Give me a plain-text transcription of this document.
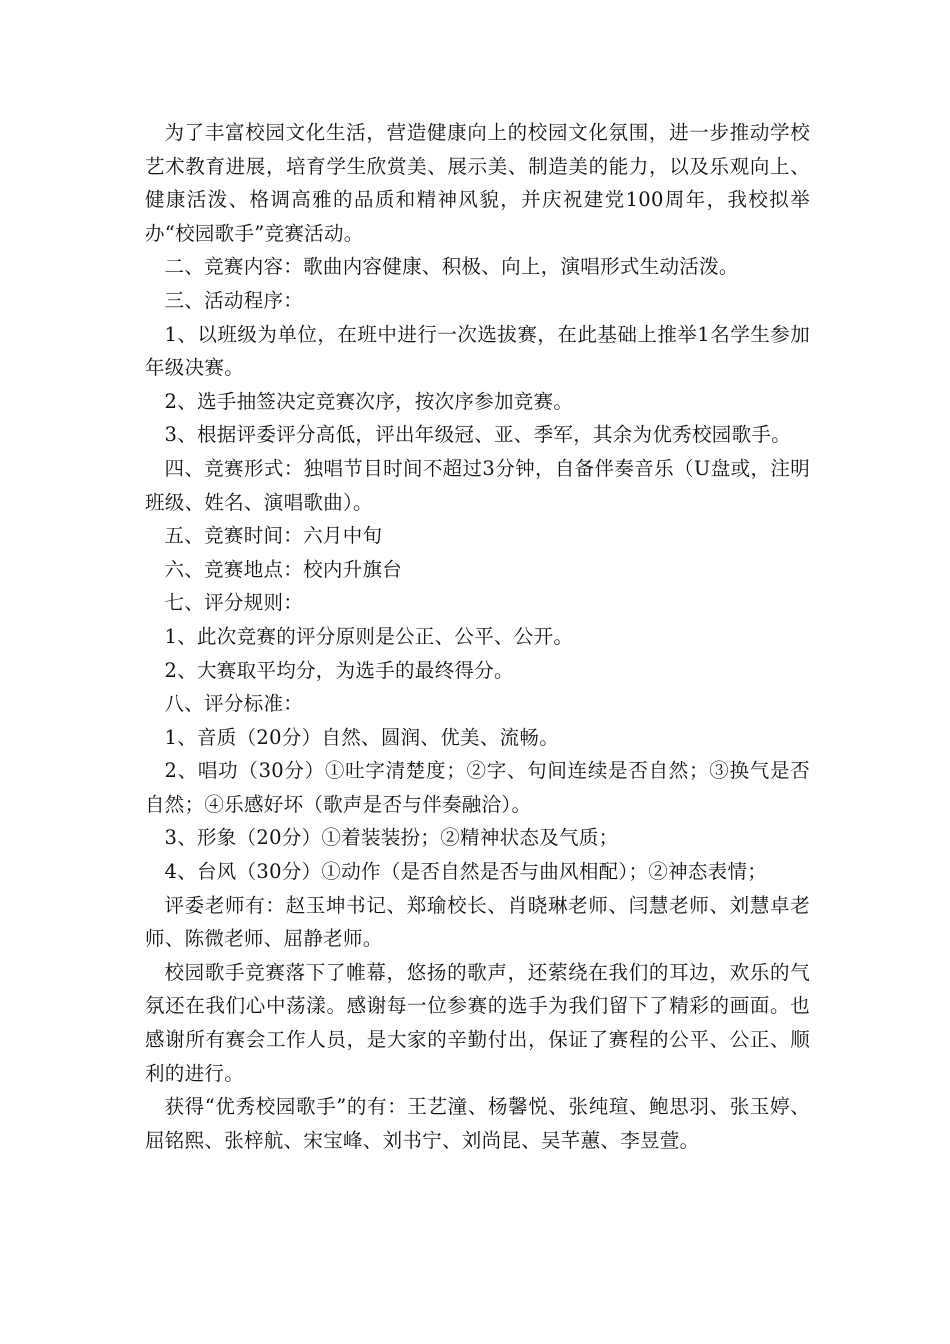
为了丰富校园文化生活，营造健康向上的校园文化氛围，进一步推动学校艺术教育进展，培育学生欣赏美、展示美、制造美的能力，以及乐观向上、健康活泼、格调高雅的品质和精神风貌，并庆祝建党100周年，我校拟举办“校园歌手”竞赛活动。

二、竞赛内容：歌曲内容健康、积极、向上，演唱形式生动活泼。

三、活动程序：

1、以班级为单位，在班中进行一次选拔赛，在此基础上推举1名学生参加年级决赛。

2、选手抽签决定竞赛次序，按次序参加竞赛。

3、根据评委评分高低，评出年级冠、亚、季军，其余为优秀校园歌手。

四、竞赛形式：独唱节目时间不超过3分钟，自备伴奏音乐（U盘或，注明班级、姓名、演唱歌曲）。

五、竞赛时间：六月中旬

六、竞赛地点：校内升旗台

七、评分规则：

1、此次竞赛的评分原则是公正、公平、公开。

2、大赛取平均分，为选手的最终得分。

八、评分标准：

1、音质（20分）自然、圆润、优美、流畅。

2、唱功（30分）①吐字清楚度；②字、句间连续是否自然；③换气是否自然；④乐感好坏（歌声是否与伴奏融洽）。

3、形象（20分）①着装装扮；②精神状态及气质；

4、台风（30分）①动作（是否自然是否与曲风相配）；②神态表情；

评委老师有：赵玉坤书记、郑瑜校长、肖晓琳老师、闫慧老师、刘慧卓老师、陈微老师、屈静老师。

校园歌手竞赛落下了帷幕，悠扬的歌声，还萦绕在我们的耳边，欢乐的气氛还在我们心中荡漾。感谢每一位参赛的选手为我们留下了精彩的画面。也感谢所有赛会工作人员，是大家的辛勤付出，保证了赛程的公平、公正、顺利的进行。

获得“优秀校园歌手”的有：王艺潼、杨馨悦、张纯瑄、鲍思羽、张玉婷、屈铭熙、张梓航、宋宝峰、刘书宁、刘尚昆、吴芊蕙、李昱萱。
